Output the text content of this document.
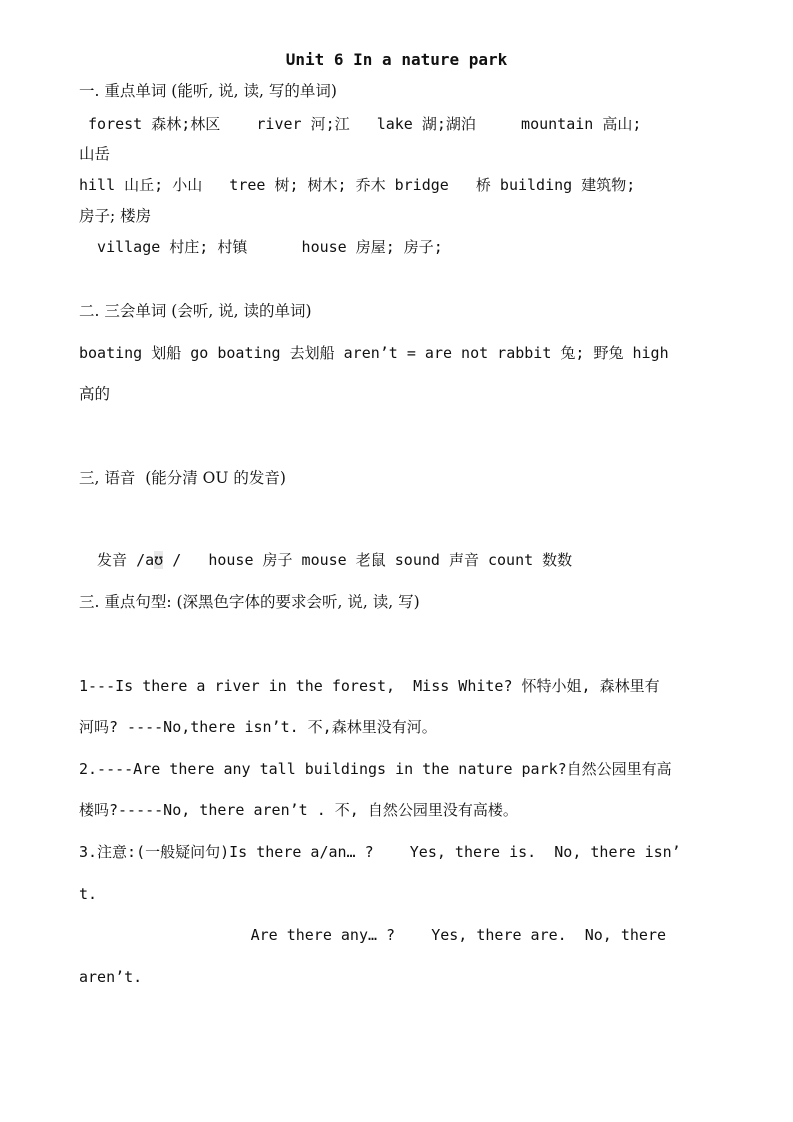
Unit 6 In a nature park
一. 重点单词 (能听, 说, 读, 写的单词)
forest 森林;林区    river 河;江   lake 湖;湖泊     mountain 高山;
山岳
hill 山丘; 小山   tree 树; 树木; 乔木 bridge   桥 building 建筑物;
房子; 楼房
village 村庄; 村镇      house 房屋; 房子;
二. 三会单词 (会听, 说, 读的单词)
boating 划船 go boating 去划船 aren’t = are not rabbit 兔; 野兔 high
高的
三, 语音  (能分清 OU 的发音)
发音 /aʊ /   house 房子 mouse 老鼠 sound 声音 count 数数
三. 重点句型: (深黑色字体的要求会听, 说, 读, 写)
1---Is there a river in the forest,  Miss White? 怀特小姐, 森林里有
河吗? ----No,there isn’t. 不,森林里没有河。
2.----Are there any tall buildings in the nature park?自然公园里有高
楼吗?-----No, there aren’t . 不, 自然公园里没有高楼。
3.注意:(一般疑问句)Is there a/an… ?    Yes, there is.  No, there isn’
t.
Are there any… ?    Yes, there are.  No, there
aren’t.
